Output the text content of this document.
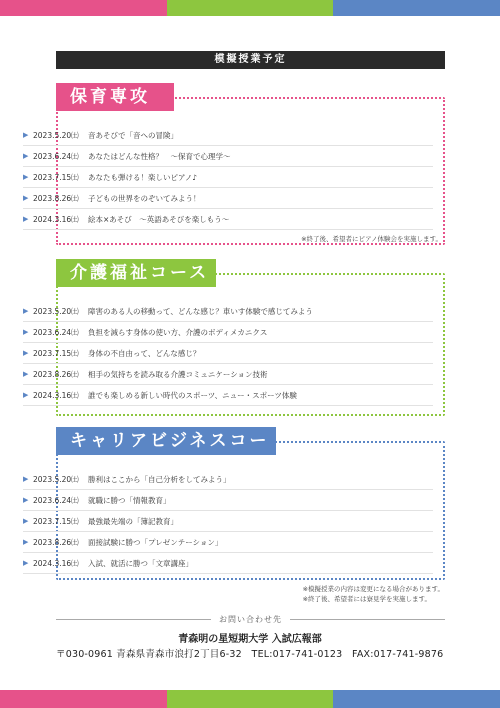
模擬授業予定
保育専攻
▶ 2023.5.20㈯	音あそびで「音への冒険」
▶ 2023.6.24㈯	あなたはどんな性格？　～保育で心理学～
▶ 2023.7.15㈯	あなたも弾ける！楽しいピアノ♪
▶ 2023.8.26㈯	子どもの世界をのぞいてみよう！
▶ 2024.3.16㈯	絵本×あそび　～英語あそびを楽しもう～
※終了後、希望者にピアノ体験会を実施します。
介護福祉コース
▶ 2023.5.20㈯	障害のある人の移動って、どんな感じ？車いす体験で感じてみよう
▶ 2023.6.24㈯	負担を減らす身体の使い方、介護のボディメカニクス
▶ 2023.7.15㈯	身体の不自由って、どんな感じ？
▶ 2023.8.26㈯	相手の気持ちを読み取る介護コミュニケーション技術
▶ 2024.3.16㈯	誰でも楽しめる新しい時代のスポーツ、ニュー・スポーツ体験
キャリアビジネスコース
▶ 2023.5.20㈯	勝利はここから「自己分析をしてみよう」
▶ 2023.6.24㈯	就職に勝つ「情報教育」
▶ 2023.7.15㈯	最強最先端の「簿記教育」
▶ 2023.8.26㈯	面接試験に勝つ「プレゼンテーション」
▶ 2024.3.16㈯	入試、就活に勝つ「文章講座」
※模擬授業の内容は変更になる場合があります。
※終了後、希望者には寮見学を実施します。
お問い合わせ先
青森明の星短期大学 入試広報部
〒030-0961 青森県青森市浪打2丁目6-32　TEL:017-741-0123　FAX:017-741-9876
